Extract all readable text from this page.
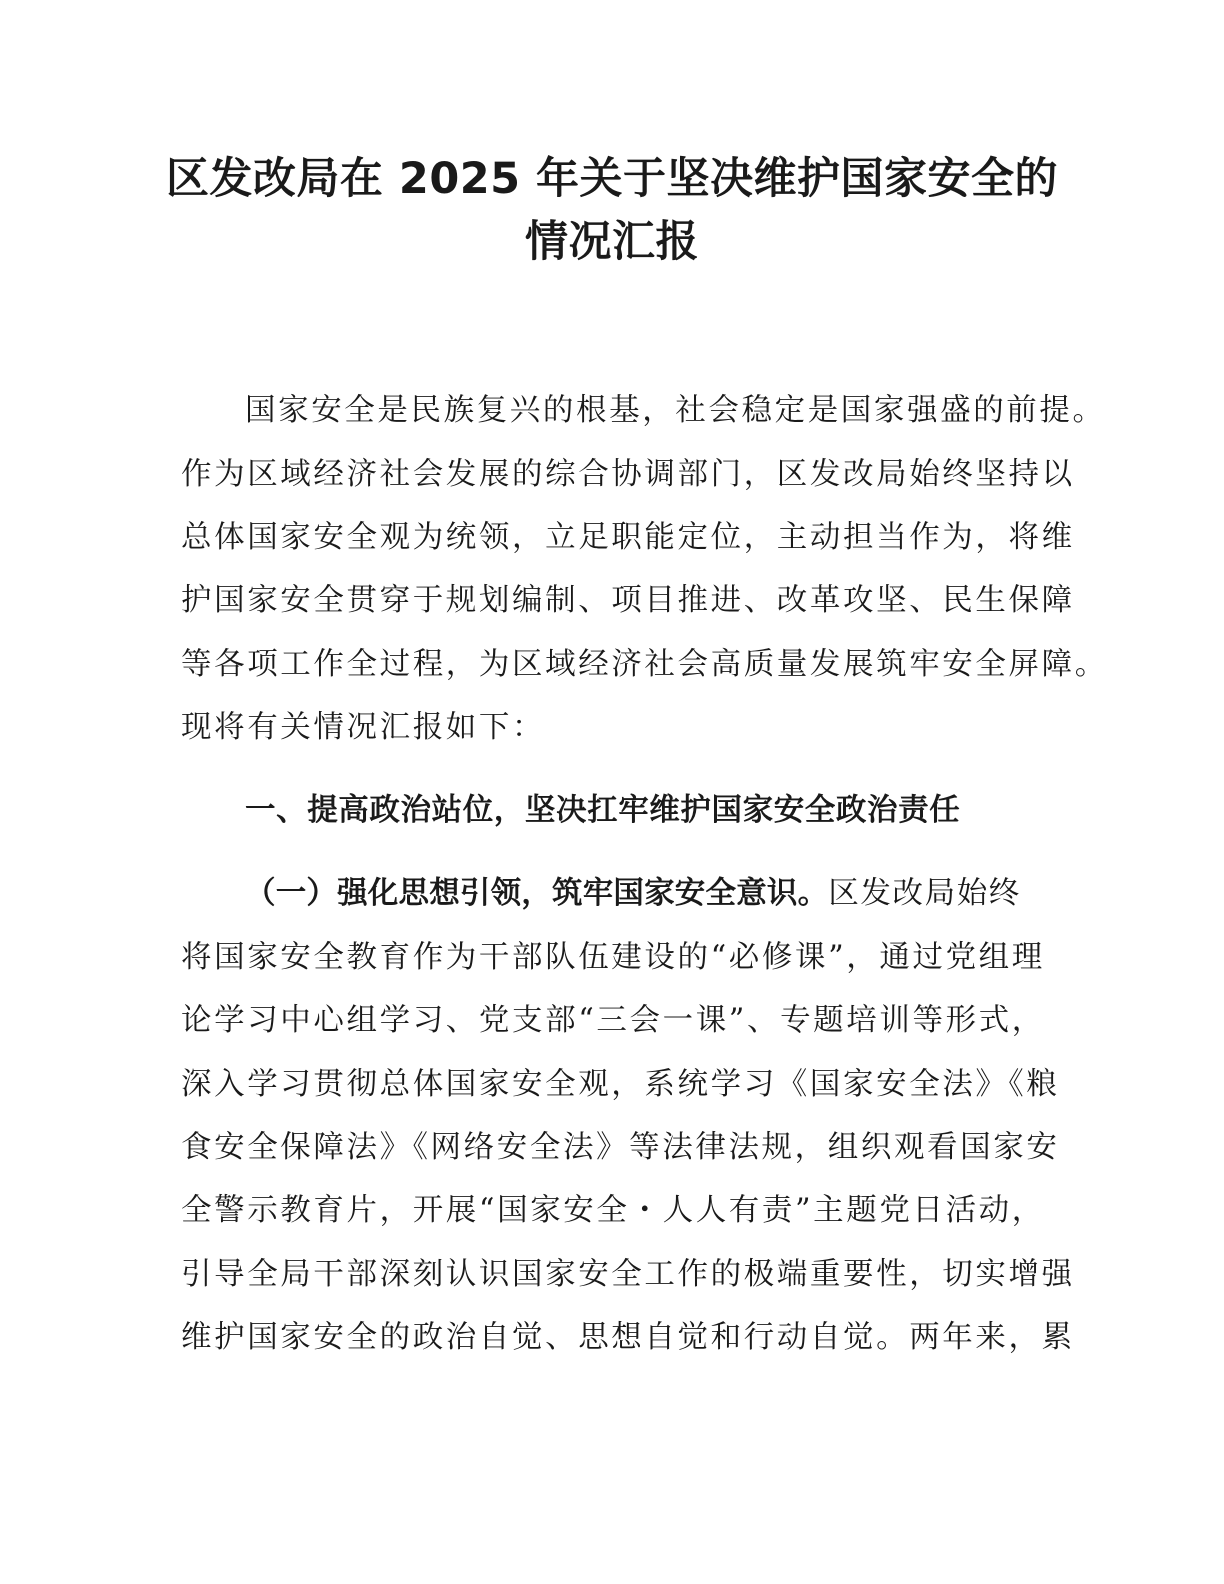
区发改局在 2025 年关于坚决维护国家安全的
情况汇报
国家安全是民族复兴的根基，社会稳定是国家强盛的前提。
作为区域经济社会发展的综合协调部门，区发改局始终坚持以
总体国家安全观为统领，立足职能定位，主动担当作为，将维
护国家安全贯穿于规划编制、项目推进、改革攻坚、民生保障
等各项工作全过程，为区域经济社会高质量发展筑牢安全屏障。
现将有关情况汇报如下：
一、提高政治站位，坚决扛牢维护国家安全政治责任
（一）强化思想引领，筑牢国家安全意识。区发改局始终
将国家安全教育作为干部队伍建设的“必修课”，通过党组理
论学习中心组学习、党支部“三会一课”、专题培训等形式，
深入学习贯彻总体国家安全观，系统学习《国家安全法》《粮
食安全保障法》《网络安全法》等法律法规，组织观看国家安
全警示教育片，开展“国家安全・人人有责”主题党日活动，
引导全局干部深刻认识国家安全工作的极端重要性，切实增强
维护国家安全的政治自觉、思想自觉和行动自觉。两年来，累
